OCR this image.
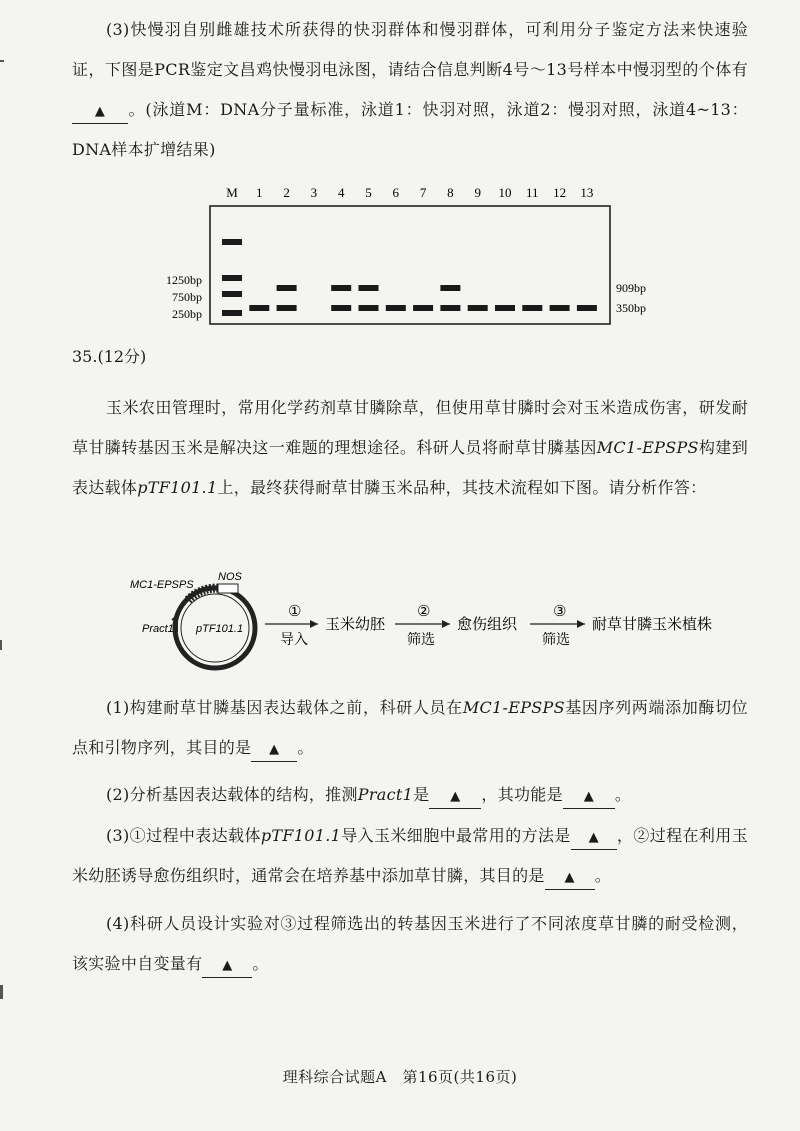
(3)快慢羽自别雌雄技术所获得的快羽群体和慢羽群体，可利用分子鉴定方法来快速验证，下图是PCR鉴定文昌鸡快慢羽电泳图，请结合信息判断4号～13号样本中慢羽型的个体有▲ 。(泳道M：DNA分子量标准，泳道1：快羽对照，泳道2：慢羽对照，泳道4~13：DNA样本扩增结果)
M 1 2 3 4 5 6 7 8 9 10 11 12 13
1250bp
750bp
250bp
909bp
350bp
35.(12分)
玉米农田管理时，常用化学药剂草甘膦除草，但使用草甘膦时会对玉米造成伤害，研发耐草甘膦转基因玉米是解决这一难题的理想途径。科研人员将耐草甘膦基因MC1-EPSPS构建到表达载体pTF101.1上，最终获得耐草甘膦玉米品种，其技术流程如下图。请分析作答：
MC1-EPSPS
NOS
Pract1 pTF101.1
①
导入
玉米幼胚
②
筛选
愈伤组织
③
筛选
耐草甘膦玉米植株
(1)构建耐草甘膦基因表达载体之前，科研人员在MC1-EPSPS基因序列两端添加酶切位点和引物序列，其目的是 ▲ 。
(2)分析基因表达载体的结构，推测Pract1是 ▲ ，其功能是 ▲ 。
(3)①过程中表达载体pTF101.1导入玉米细胞中最常用的方法是 ▲ ，②过程在利用玉米幼胚诱导愈伤组织时，通常会在培养基中添加草甘膦，其目的是 ▲ 。
(4)科研人员设计实验对③过程筛选出的转基因玉米进行了不同浓度草甘膦的耐受检测，该实验中自变量有 ▲ 。
理科综合试题A　第16页(共16页)
